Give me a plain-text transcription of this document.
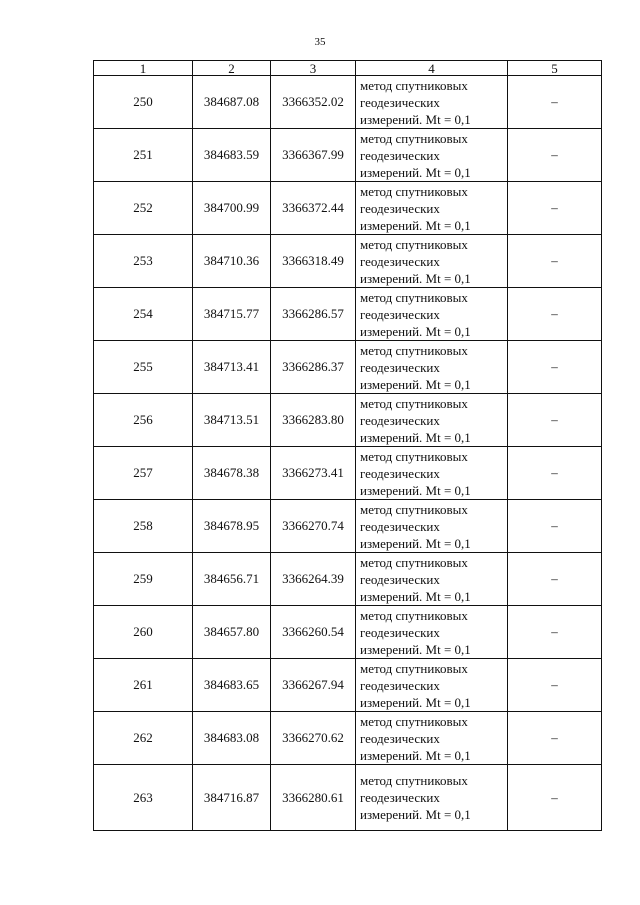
35
1	2	3	4	5
250	384687.08	3366352.02	метод спутниковых
геодезических
измерений. Mt = 0,1	–
251	384683.59	3366367.99	метод спутниковых
геодезических
измерений. Mt = 0,1	–
252	384700.99	3366372.44	метод спутниковых
геодезических
измерений. Mt = 0,1	–
253	384710.36	3366318.49	метод спутниковых
геодезических
измерений. Mt = 0,1	–
254	384715.77	3366286.57	метод спутниковых
геодезических
измерений. Mt = 0,1	–
255	384713.41	3366286.37	метод спутниковых
геодезических
измерений. Mt = 0,1	–
256	384713.51	3366283.80	метод спутниковых
геодезических
измерений. Mt = 0,1	–
257	384678.38	3366273.41	метод спутниковых
геодезических
измерений. Mt = 0,1	–
258	384678.95	3366270.74	метод спутниковых
геодезических
измерений. Mt = 0,1	–
259	384656.71	3366264.39	метод спутниковых
геодезических
измерений. Mt = 0,1	–
260	384657.80	3366260.54	метод спутниковых
геодезических
измерений. Mt = 0,1	–
261	384683.65	3366267.94	метод спутниковых
геодезических
измерений. Mt = 0,1	–
262	384683.08	3366270.62	метод спутниковых
геодезических
измерений. Mt = 0,1	–
263	384716.87	3366280.61	метод спутниковых
геодезических
измерений. Mt = 0,1	–
